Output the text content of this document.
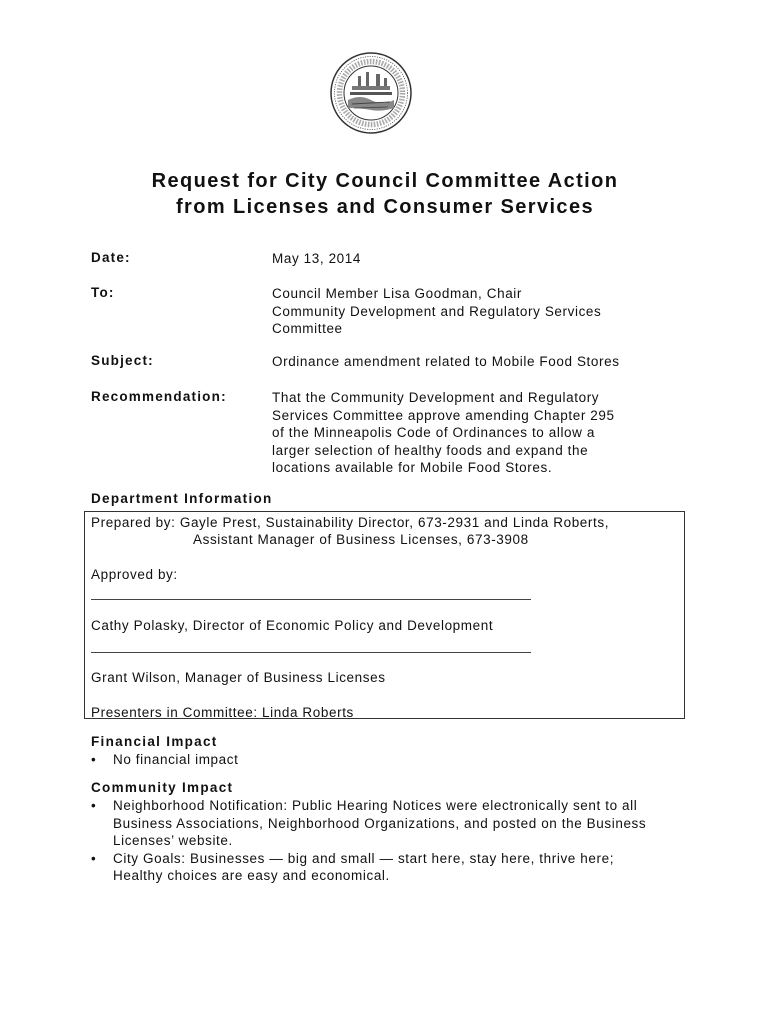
Request for City Council Committee Action
from Licenses and Consumer Services
Date:	May 13, 2014
To:	Council Member Lisa Goodman, Chair
Community Development and Regulatory Services
Committee
Subject:	Ordinance amendment related to Mobile Food Stores
Recommendation:	That the Community Development and Regulatory
Services Committee approve amending Chapter 295
of the Minneapolis Code of Ordinances to allow a
larger selection of healthy foods and expand the
locations available for Mobile Food Stores.
Department Information
Prepared by: Gayle Prest, Sustainability Director, 673-2931 and Linda Roberts,
Assistant Manager of Business Licenses, 673-3908
Approved by:
Cathy Polasky, Director of Economic Policy and Development
Grant Wilson, Manager of Business Licenses
Presenters in Committee: Linda Roberts
Financial Impact
• No financial impact
Community Impact
• Neighborhood Notification: Public Hearing Notices were electronically sent to all
Business Associations, Neighborhood Organizations, and posted on the Business
Licenses’ website.
• City Goals: Businesses — big and small — start here, stay here, thrive here;
Healthy choices are easy and economical.
